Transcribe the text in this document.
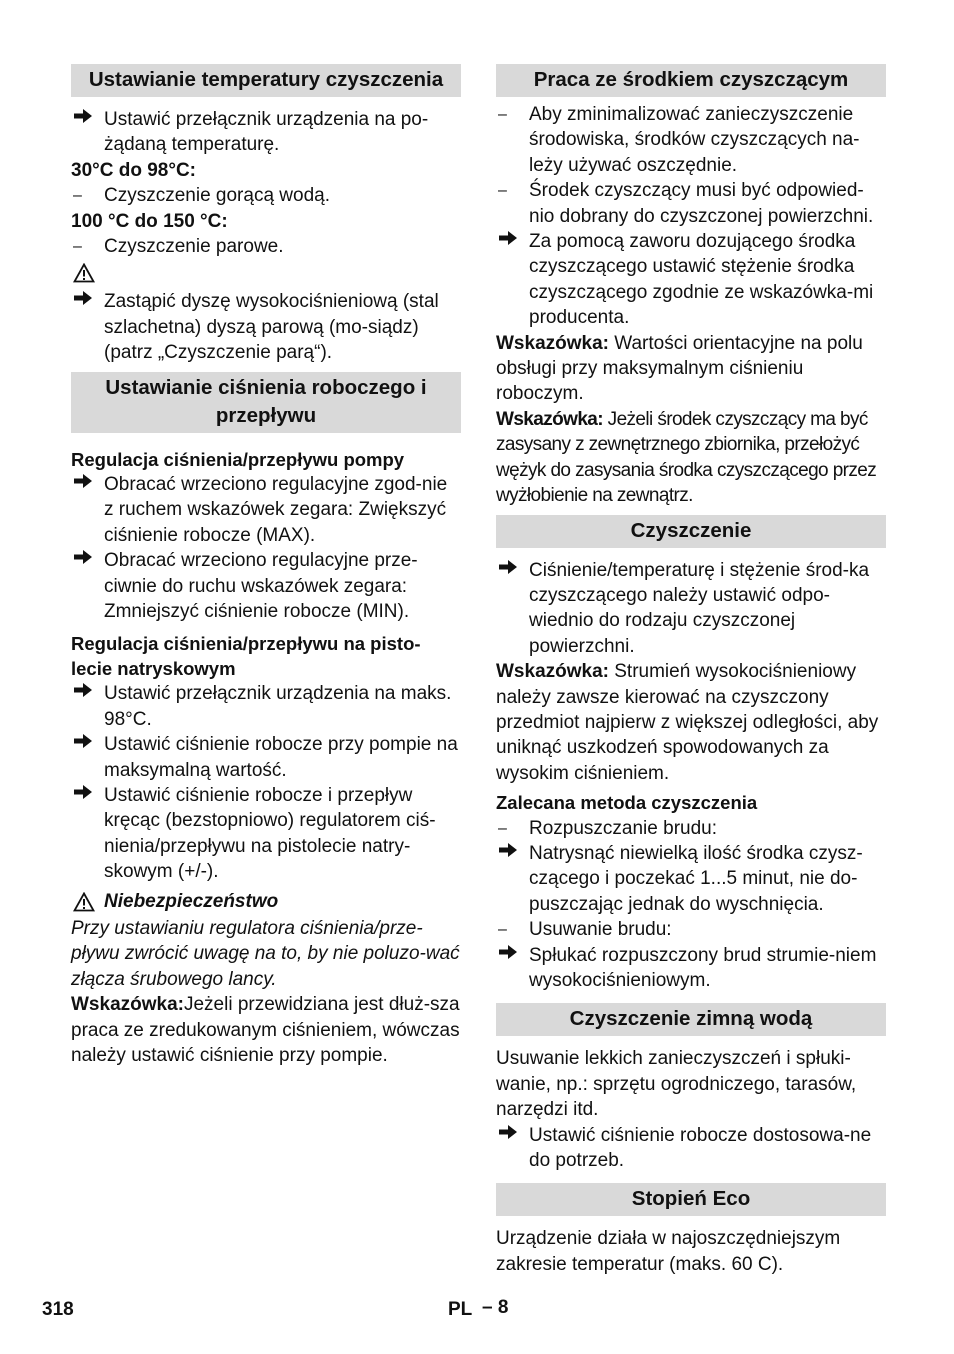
Ustawianie temperatury czyszczenia
Ustawić przełącznik urządzenia na po-żądaną temperaturę.

30°C do 98°C:

–	Czyszczenie gorącą wodą.

100 °C do 150 °C:

–	Czyszczenie parowe.
Zastąpić dyszę wysokociśnieniową (stal szlachetna) dyszą parową (mo-siądz) (patrz „Czyszczenie parą“).
Ustawianie ciśnienia roboczego i przepływu

Regulacja ciśnienia/przepływu pompy

Obracać wrzeciono regulacyjne zgod-nie z ruchem wskazówek zegara: Zwiększyć ciśnienie robocze (MAX).
Obracać wrzeciono regulacyjne prze-ciwnie do ruchu wskazówek zegara: Zmniejszyć ciśnienie robocze (MIN).

Regulacja ciśnienia/przepływu na pisto-lecie natryskowym

Ustawić przełącznik urządzenia na maks. 98°C.
Ustawić ciśnienie robocze przy pompie na maksymalną wartość.
Ustawić ciśnienie robocze i przepływ kręcąc (bezstopniowo) regulatorem ciś-nienia/przepływu na pistolecie natry-skowym (+/-).
Niebezpieczeństwo

Przy ustawianiu regulatora ciśnienia/prze-pływu zwrócić uwagę na to, by nie poluzo-wać złącza śrubowego lancy.

Wskazówka:Jeżeli przewidziana jest dłuż-sza praca ze zredukowanym ciśnieniem, wówczas należy ustawić ciśnienie przy pompie.

Praca ze środkiem czyszczącym
–	Aby zminimalizować zanieczyszczenie środowiska, środków czyszczących na-leży używać oszczędnie.
–	Środek czyszczący musi być odpowied-nio dobrany do czyszczonej powierzchni.
Za pomocą zaworu dozującego środka czyszczącego ustawić stężenie środka czyszczącego zgodnie ze wskazówka-mi producenta.

Wskazówka: Wartości orientacyjne na polu obsługi przy maksymalnym ciśnieniu roboczym.

Wskazówka: Jeżeli środek czyszczący ma być zasysany z zewnętrznego zbiornika, przełożyć wężyk do zasysania środka czyszczącego przez wyżłobienie na zewnątrz.

Czyszczenie
Ciśnienie/temperaturę i stężenie środ-ka czyszczącego należy ustawić odpo-wiednio do rodzaju czyszczonej powierzchni.

Wskazówka: Strumień wysokociśnieniowy należy zawsze kierować na czyszczony przedmiot najpierw z większej odległości, aby uniknąć uszkodzeń spowodowanych za wysokim ciśnieniem.

Zalecana metoda czyszczenia

–	Rozpuszczanie brudu:
Natrysnąć niewielką ilość środka czysz-czącego i poczekać 1...5 minut, nie do-puszczając jednak do wyschnięcia.
–	Usuwanie brudu:
Spłukać rozpuszczony brud strumie-niem wysokociśnieniowym.
Czyszczenie zimną wodą

Usuwanie lekkich zanieczyszczeń i spłuki-wanie, np.: sprzętu ogrodniczego, tarasów, narzędzi itd.

Ustawić ciśnienie robocze dostosowa-ne do potrzeb.
Stopień Eco

Urządzenie działa w najoszczędniejszym zakresie temperatur (maks. 60 C).

318	PL – 8
